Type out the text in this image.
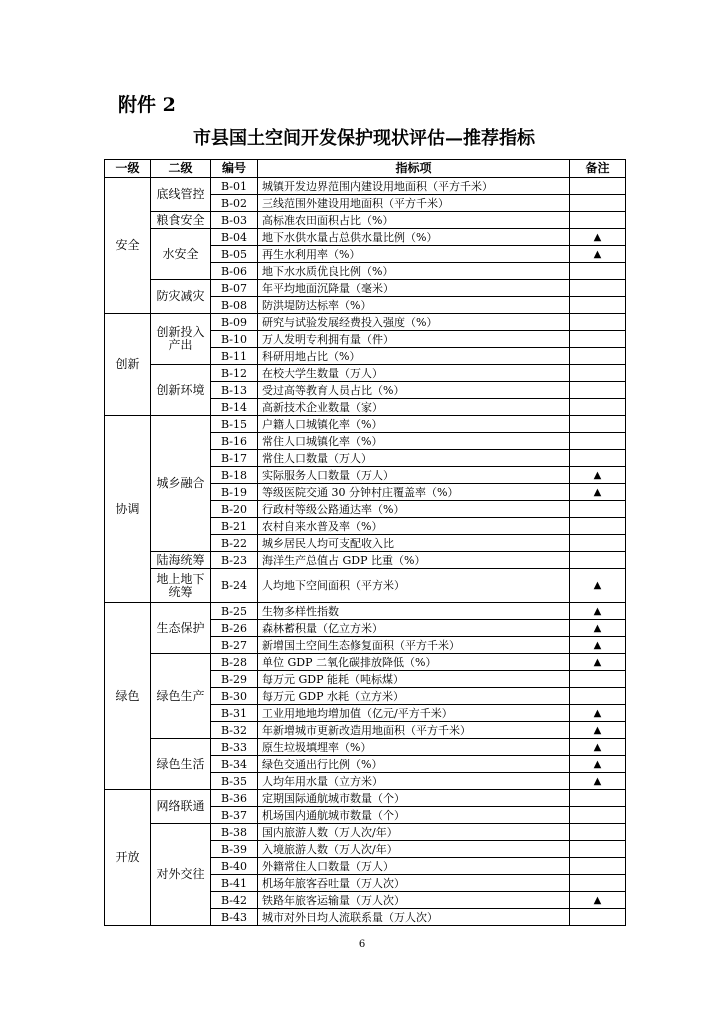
附件 2
市县国土空间开发保护现状评估—推荐指标
一级	二级	编号	指标项	备注
安全	底线管控	B-01	城镇开发边界范围内建设用地面积（平方千米）	
		B-02	三线范围外建设用地面积（平方千米）	
	粮食安全	B-03	高标准农田面积占比（%）	
	水安全	B-04	地下水供水量占总供水量比例（%）	▲
		B-05	再生水利用率（%）	▲
		B-06	地下水水质优良比例（%）	
	防灾减灾	B-07	年平均地面沉降量（毫米）	
		B-08	防洪堤防达标率（%）	
创新	创新投入产出	B-09	研究与试验发展经费投入强度（%）	
		B-10	万人发明专利拥有量（件）	
		B-11	科研用地占比（%）	
	创新环境	B-12	在校大学生数量（万人）	
		B-13	受过高等教育人员占比（%）	
		B-14	高新技术企业数量（家）	
协调	城乡融合	B-15	户籍人口城镇化率（%）	
		B-16	常住人口城镇化率（%）	
		B-17	常住人口数量（万人）	
		B-18	实际服务人口数量（万人）	▲
		B-19	等级医院交通 30 分钟村庄覆盖率（%）	▲
		B-20	行政村等级公路通达率（%）	
		B-21	农村自来水普及率（%）	
		B-22	城乡居民人均可支配收入比	
	陆海统筹	B-23	海洋生产总值占 GDP 比重（%）	
	地上地下统筹	B-24	人均地下空间面积（平方米）	▲
绿色	生态保护	B-25	生物多样性指数	▲
		B-26	森林蓄积量（亿立方米）	▲
		B-27	新增国土空间生态修复面积（平方千米）	▲
	绿色生产	B-28	单位 GDP 二氧化碳排放降低（%）	▲
		B-29	每万元 GDP 能耗（吨标煤）	
		B-30	每万元 GDP 水耗（立方米）	
		B-31	工业用地地均增加值（亿元/平方千米）	▲
		B-32	年新增城市更新改造用地面积（平方千米）	▲
	绿色生活	B-33	原生垃圾填埋率（%）	▲
		B-34	绿色交通出行比例（%）	▲
		B-35	人均年用水量（立方米）	▲
开放	网络联通	B-36	定期国际通航城市数量（个）	
		B-37	机场国内通航城市数量（个）	
	对外交往	B-38	国内旅游人数（万人次/年）	
		B-39	入境旅游人数（万人次/年）	
		B-40	外籍常住人口数量（万人）	
		B-41	机场年旅客吞吐量（万人次）	
		B-42	铁路年旅客运输量（万人次）	▲
		B-43	城市对外日均人流联系量（万人次）	
6
